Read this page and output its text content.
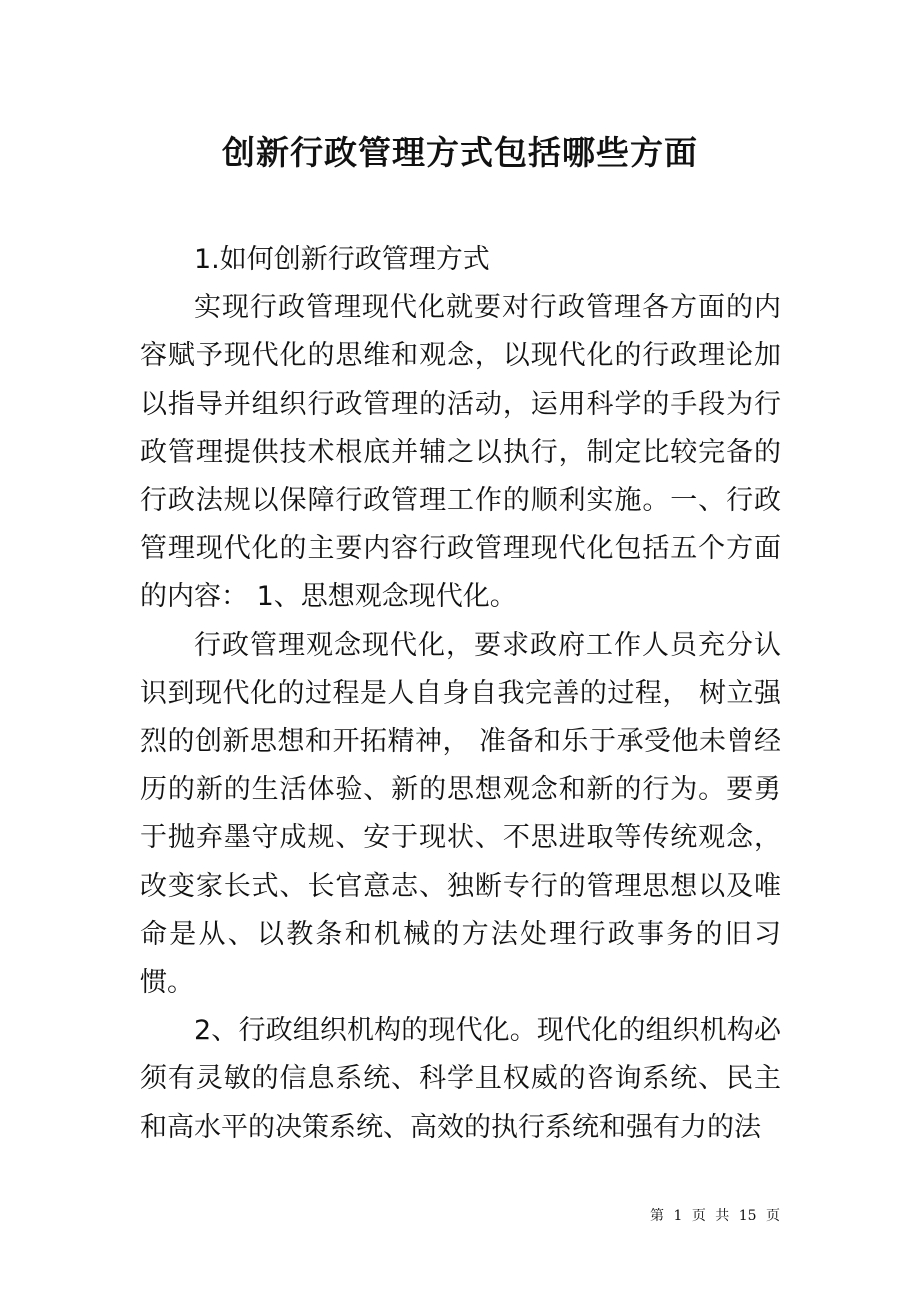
创新行政管理方式包括哪些方面

1.如何创新行政管理方式

实现行政管理现代化就要对行政管理各方面的内容赋予现代化的思维和观念，以现代化的行政理论加以指导并组织行政管理的活动，运用科学的手段为行政管理提供技术根底并辅之以执行，制定比较完备的行政法规以保障行政管理工作的顺利实施。一、行政管理现代化的主要内容行政管理现代化包括五个方面的内容： 1、思想观念现代化。

行政管理观念现代化，要求政府工作人员充分认识到现代化的过程是人自身自我完善的过程， 树立强烈的创新思想和开拓精神， 准备和乐于承受他未曾经历的新的生活体验、新的思想观念和新的行为。要勇于抛弃墨守成规、安于现状、不思进取等传统观念， 改变家长式、长官意志、独断专行的管理思想以及唯命是从、以教条和机械的方法处理行政事务的旧习惯。

2、行政组织机构的现代化。现代化的组织机构必须有灵敏的信息系统、科学且权威的咨询系统、民主和高水平的决策系统、高效的执行系统和强有力的法

第 1 页 共 15 页
